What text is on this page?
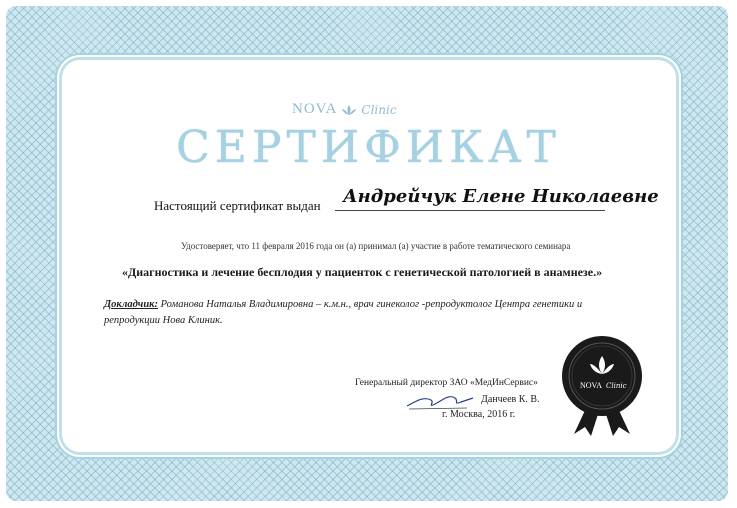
NOVA Clinic
СЕРТИФИКАТ
Настоящий сертификат выдан Андрейчук Елене Николаевне
Удостоверяет, что 11 февраля 2016 года он (а) принимал (а) участие в работе тематического семинара
«Диагностика и лечение бесплодия у пациенток с генетической патологией в анамнезе.»
Докладчик: Романова Наталья Владимировна – к.м.н., врач гинеколог -репродуктолог Центра генетики и репродукции Нова Клиник.
Генеральный директор ЗАО «МедИнСервис»
Данчеев К. В.
г. Москва, 2016 г.
NOVA Clinic
